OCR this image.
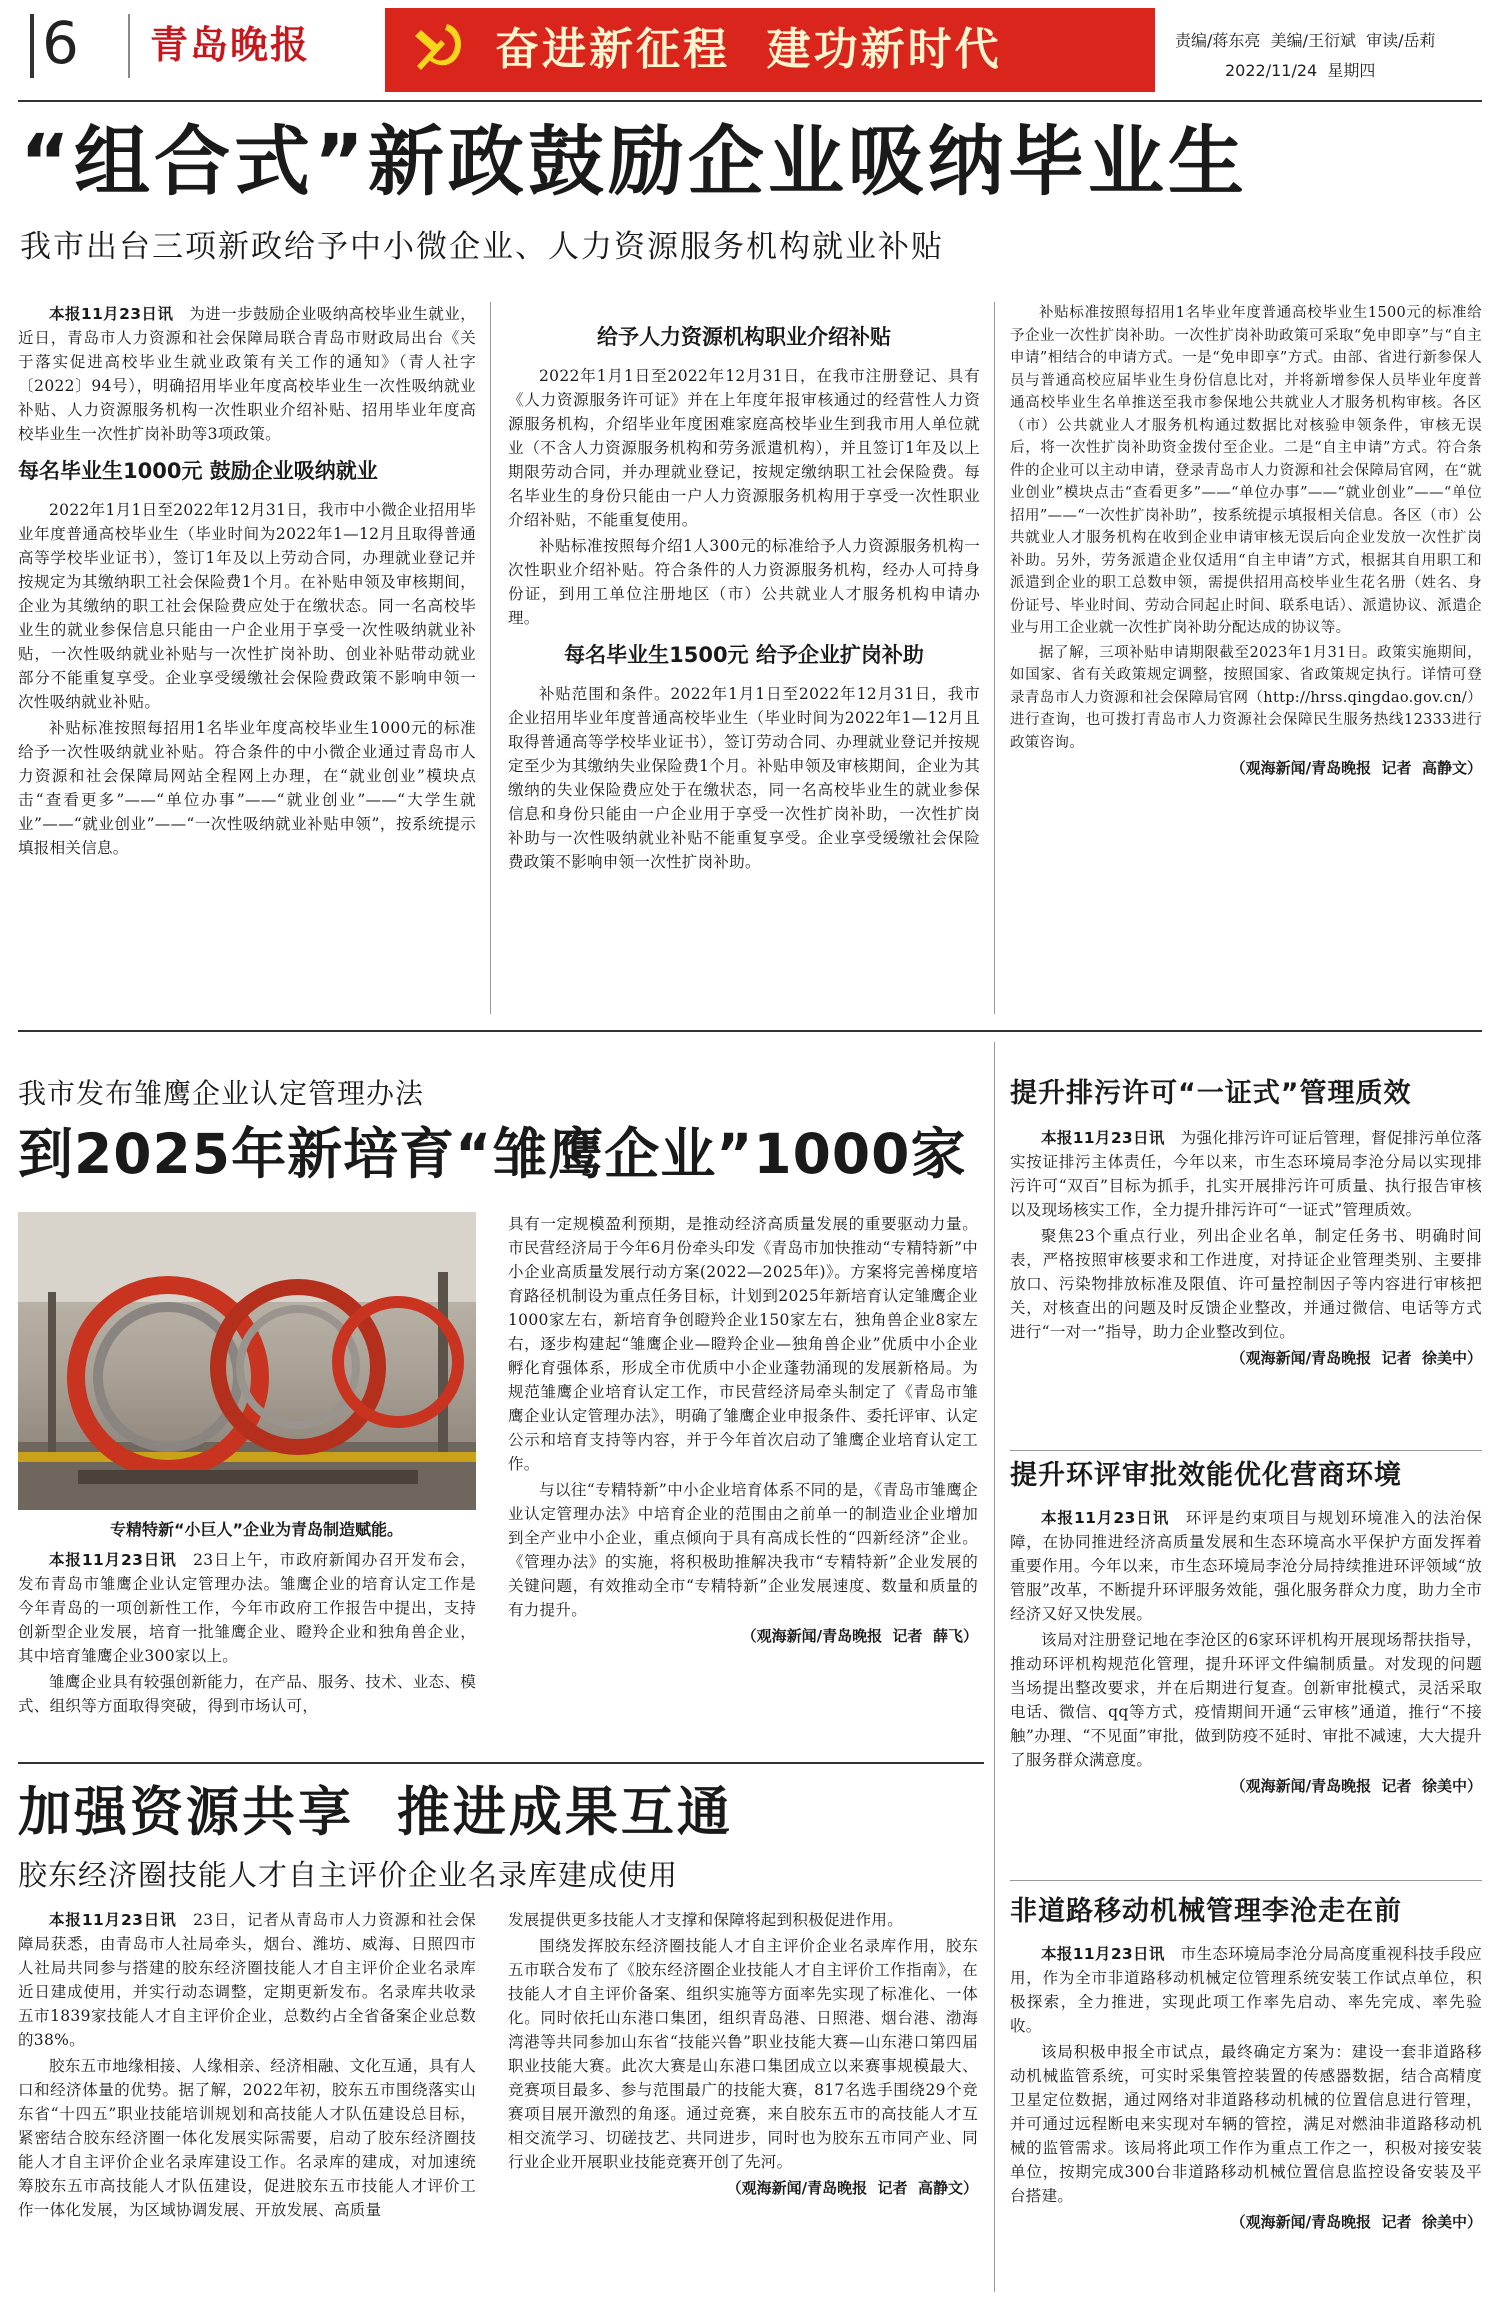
6 青岛晚报	奋进新征程  建功新时代	责编/蒋东亮  美编/王衍斌  审读/岳莉
2022/11/24  星期四
“组合式”新政鼓励企业吸纳毕业生
我市出台三项新政给予中小微企业、人力资源服务机构就业补贴

本报11月23日讯　 为进一步鼓励企业吸纳高校毕业生就业，近日，青岛市人力资源和社会保障局联合青岛市财政局出台《关于落实促进高校毕业生就业政策有关工作的通知》（青人社字〔2022〕94号），明确招用毕业年度高校毕业生一次性吸纳就业补贴、人力资源服务机构一次性职业介绍补贴、招用毕业年度高校毕业生一次性扩岗补助等3项政策。

每名毕业生1000元 鼓励企业吸纳就业

2022年1月1日至2022年12月31日，我市中小微企业招用毕业年度普通高校毕业生（毕业时间为2022年1—12月且取得普通高等学校毕业证书），签订1年及以上劳动合同，办理就业登记并按规定为其缴纳职工社会保险费1个月。在补贴申领及审核期间，企业为其缴纳的职工社会保险费应处于在缴状态。同一名高校毕业生的就业参保信息只能由一户企业用于享受一次性吸纳就业补贴，一次性吸纳就业补贴与一次性扩岗补助、创业补贴带动就业部分不能重复享受。企业享受缓缴社会保险费政策不影响申领一次性吸纳就业补贴。

补贴标准按照每招用1名毕业年度高校毕业生1000元的标准给予一次性吸纳就业补贴。符合条件的中小微企业通过青岛市人力资源和社会保障局网站全程网上办理，在“就业创业”模块点击“查看更多”——“单位办事”——“就业创业”——“大学生就业”——“就业创业”——“一次性吸纳就业补贴申领”，按系统提示填报相关信息。

给予人力资源机构职业介绍补贴

2022年1月1日至2022年12月31日，在我市注册登记、具有《人力资源服务许可证》并在上年度年报审核通过的经营性人力资源服务机构，介绍毕业年度困难家庭高校毕业生到我市用人单位就业（不含人力资源服务机构和劳务派遣机构），并且签订1年及以上期限劳动合同，并办理就业登记，按规定缴纳职工社会保险费。每名毕业生的身份只能由一户人力资源服务机构用于享受一次性职业介绍补贴，不能重复使用。

补贴标准按照每介绍1人300元的标准给予人力资源服务机构一次性职业介绍补贴。符合条件的人力资源服务机构，经办人可持身份证，到用工单位注册地区（市）公共就业人才服务机构申请办理。

每名毕业生1500元 给予企业扩岗补助

补贴范围和条件。2022年1月1日至2022年12月31日，我市企业招用毕业年度普通高校毕业生（毕业时间为2022年1—12月且取得普通高等学校毕业证书），签订劳动合同、办理就业登记并按规定至少为其缴纳失业保险费1个月。补贴申领及审核期间，企业为其缴纳的失业保险费应处于在缴状态，同一名高校毕业生的就业参保信息和身份只能由一户企业用于享受一次性扩岗补助，一次性扩岗补助与一次性吸纳就业补贴不能重复享受。企业享受缓缴社会保险费政策不影响申领一次性扩岗补助。

补贴标准按照每招用1名毕业年度普通高校毕业生1500元的标准给予企业一次性扩岗补助。一次性扩岗补助政策可采取“免申即享”与“自主申请”相结合的申请方式。一是“免申即享”方式。由部、省进行新参保人员与普通高校应届毕业生身份信息比对，并将新增参保人员毕业年度普通高校毕业生名单推送至我市参保地公共就业人才服务机构审核。各区（市）公共就业人才服务机构通过数据比对核验申领条件，审核无误后，将一次性扩岗补助资金拨付至企业。二是“自主申请”方式。符合条件的企业可以主动申请，登录青岛市人力资源和社会保障局官网，在“就业创业”模块点击“查看更多”——“单位办事”——“就业创业”——“单位招用”——“一次性扩岗补助”，按系统提示填报相关信息。各区（市）公共就业人才服务机构在收到企业申请审核无误后向企业发放一次性扩岗补助。另外，劳务派遣企业仅适用“自主申请”方式，根据其自用职工和派遣到企业的职工总数申领，需提供招用高校毕业生花名册（姓名、身份证号、毕业时间、劳动合同起止时间、联系电话）、派遣协议、派遣企业与用工企业就一次性扩岗补助分配达成的协议等。

据了解，三项补贴申请期限截至2023年1月31日。政策实施期间，如国家、省有关政策规定调整，按照国家、省政策规定执行。详情可登录青岛市人力资源和社会保障局官网（http://hrss.qingdao.gov.cn/）进行查询，也可拨打青岛市人力资源社会保障民生服务热线12333进行政策咨询。

（观海新闻/青岛晚报  记者  高静文）

我市发布雏鹰企业认定管理办法
到2025年新培育“雏鹰企业”1000家
专精特新“小巨人”企业为青岛制造赋能。

本报11月23日讯　 23日上午，市政府新闻办召开发布会，发布青岛市雏鹰企业认定管理办法。雏鹰企业的培育认定工作是今年青岛的一项创新性工作，今年市政府工作报告中提出，支持创新型企业发展，培育一批雏鹰企业、瞪羚企业和独角兽企业，其中培育雏鹰企业300家以上。

雏鹰企业具有较强创新能力，在产品、服务、技术、业态、模式、组织等方面取得突破，得到市场认可，

具有一定规模盈利预期，是推动经济高质量发展的重要驱动力量。市民营经济局于今年6月份牵头印发《青岛市加快推动“专精特新”中小企业高质量发展行动方案(2022—2025年)》。方案将完善梯度培育路径机制设为重点任务目标，计划到2025年新培育认定雏鹰企业1000家左右，新培育争创瞪羚企业150家左右，独角兽企业8家左右，逐步构建起“雏鹰企业—瞪羚企业—独角兽企业”优质中小企业孵化育强体系，形成全市优质中小企业蓬勃涌现的发展新格局。为规范雏鹰企业培育认定工作，市民营经济局牵头制定了《青岛市雏鹰企业认定管理办法》，明确了雏鹰企业申报条件、委托评审、认定公示和培育支持等内容，并于今年首次启动了雏鹰企业培育认定工作。

与以往“专精特新”中小企业培育体系不同的是，《青岛市雏鹰企业认定管理办法》中培育企业的范围由之前单一的制造业企业增加到全产业中小企业，重点倾向于具有高成长性的“四新经济”企业。《管理办法》的实施，将积极助推解决我市“专精特新”企业发展的关键问题，有效推动全市“专精特新”企业发展速度、数量和质量的有力提升。

（观海新闻/青岛晚报  记者  薛飞）

加强资源共享  推进成果互通
胶东经济圈技能人才自主评价企业名录库建成使用

本报11月23日讯　 23日，记者从青岛市人力资源和社会保障局获悉，由青岛市人社局牵头，烟台、潍坊、威海、日照四市人社局共同参与搭建的胶东经济圈技能人才自主评价企业名录库近日建成使用，并实行动态调整，定期更新发布。名录库共收录五市1839家技能人才自主评价企业，总数约占全省备案企业总数的38%。

胶东五市地缘相接、人缘相亲、经济相融、文化互通，具有人口和经济体量的优势。据了解，2022年初，胶东五市围绕落实山东省“十四五”职业技能培训规划和高技能人才队伍建设总目标，紧密结合胶东经济圈一体化发展实际需要，启动了胶东经济圈技能人才自主评价企业名录库建设工作。名录库的建成，对加速统筹胶东五市高技能人才队伍建设，促进胶东五市技能人才评价工作一体化发展，为区域协调发展、开放发展、高质量

发展提供更多技能人才支撑和保障将起到积极促进作用。

围绕发挥胶东经济圈技能人才自主评价企业名录库作用，胶东五市联合发布了《胶东经济圈企业技能人才自主评价工作指南》，在技能人才自主评价备案、组织实施等方面率先实现了标准化、一体化。同时依托山东港口集团，组织青岛港、日照港、烟台港、渤海湾港等共同参加山东省“技能兴鲁”职业技能大赛—山东港口第四届职业技能大赛。此次大赛是山东港口集团成立以来赛事规模最大、竞赛项目最多、参与范围最广的技能大赛，817名选手围绕29个竞赛项目展开激烈的角逐。通过竞赛，来自胶东五市的高技能人才互相交流学习、切磋技艺、共同进步，同时也为胶东五市同产业、同行业企业开展职业技能竞赛开创了先河。

（观海新闻/青岛晚报  记者  高静文）

提升排污许可“一证式”管理质效

本报11月23日讯　 为强化排污许可证后管理，督促排污单位落实按证排污主体责任，今年以来，市生态环境局李沧分局以实现排污许可“双百”目标为抓手，扎实开展排污许可质量、执行报告审核以及现场核实工作，全力提升排污许可“一证式”管理质效。

聚焦23个重点行业，列出企业名单，制定任务书、明确时间表，严格按照审核要求和工作进度，对持证企业管理类别、主要排放口、污染物排放标准及限值、许可量控制因子等内容进行审核把关，对核查出的问题及时反馈企业整改，并通过微信、电话等方式进行“一对一”指导，助力企业整改到位。

（观海新闻/青岛晚报  记者  徐美中）

提升环评审批效能优化营商环境

本报11月23日讯　 环评是约束项目与规划环境准入的法治保障，在协同推进经济高质量发展和生态环境高水平保护方面发挥着重要作用。今年以来，市生态环境局李沧分局持续推进环评领域“放管服”改革，不断提升环评服务效能，强化服务群众力度，助力全市经济又好又快发展。

该局对注册登记地在李沧区的6家环评机构开展现场帮扶指导，推动环评机构规范化管理，提升环评文件编制质量。对发现的问题当场提出整改要求，并在后期进行复查。创新审批模式，灵活采取电话、微信、qq等方式，疫情期间开通“云审核”通道，推行“不接触”办理、“不见面”审批，做到防疫不延时、审批不减速，大大提升了服务群众满意度。

（观海新闻/青岛晚报  记者  徐美中）

非道路移动机械管理李沧走在前

本报11月23日讯　 市生态环境局李沧分局高度重视科技手段应用，作为全市非道路移动机械定位管理系统安装工作试点单位，积极探索，全力推进，实现此项工作率先启动、率先完成、率先验收。

该局积极申报全市试点，最终确定方案为：建设一套非道路移动机械监管系统，可实时采集管控装置的传感器数据，结合高精度卫星定位数据，通过网络对非道路移动机械的位置信息进行管理，并可通过远程断电来实现对车辆的管控，满足对燃油非道路移动机械的监管需求。该局将此项工作作为重点工作之一，积极对接安装单位，按期完成300台非道路移动机械位置信息监控设备安装及平台搭建。

（观海新闻/青岛晚报  记者  徐美中）
